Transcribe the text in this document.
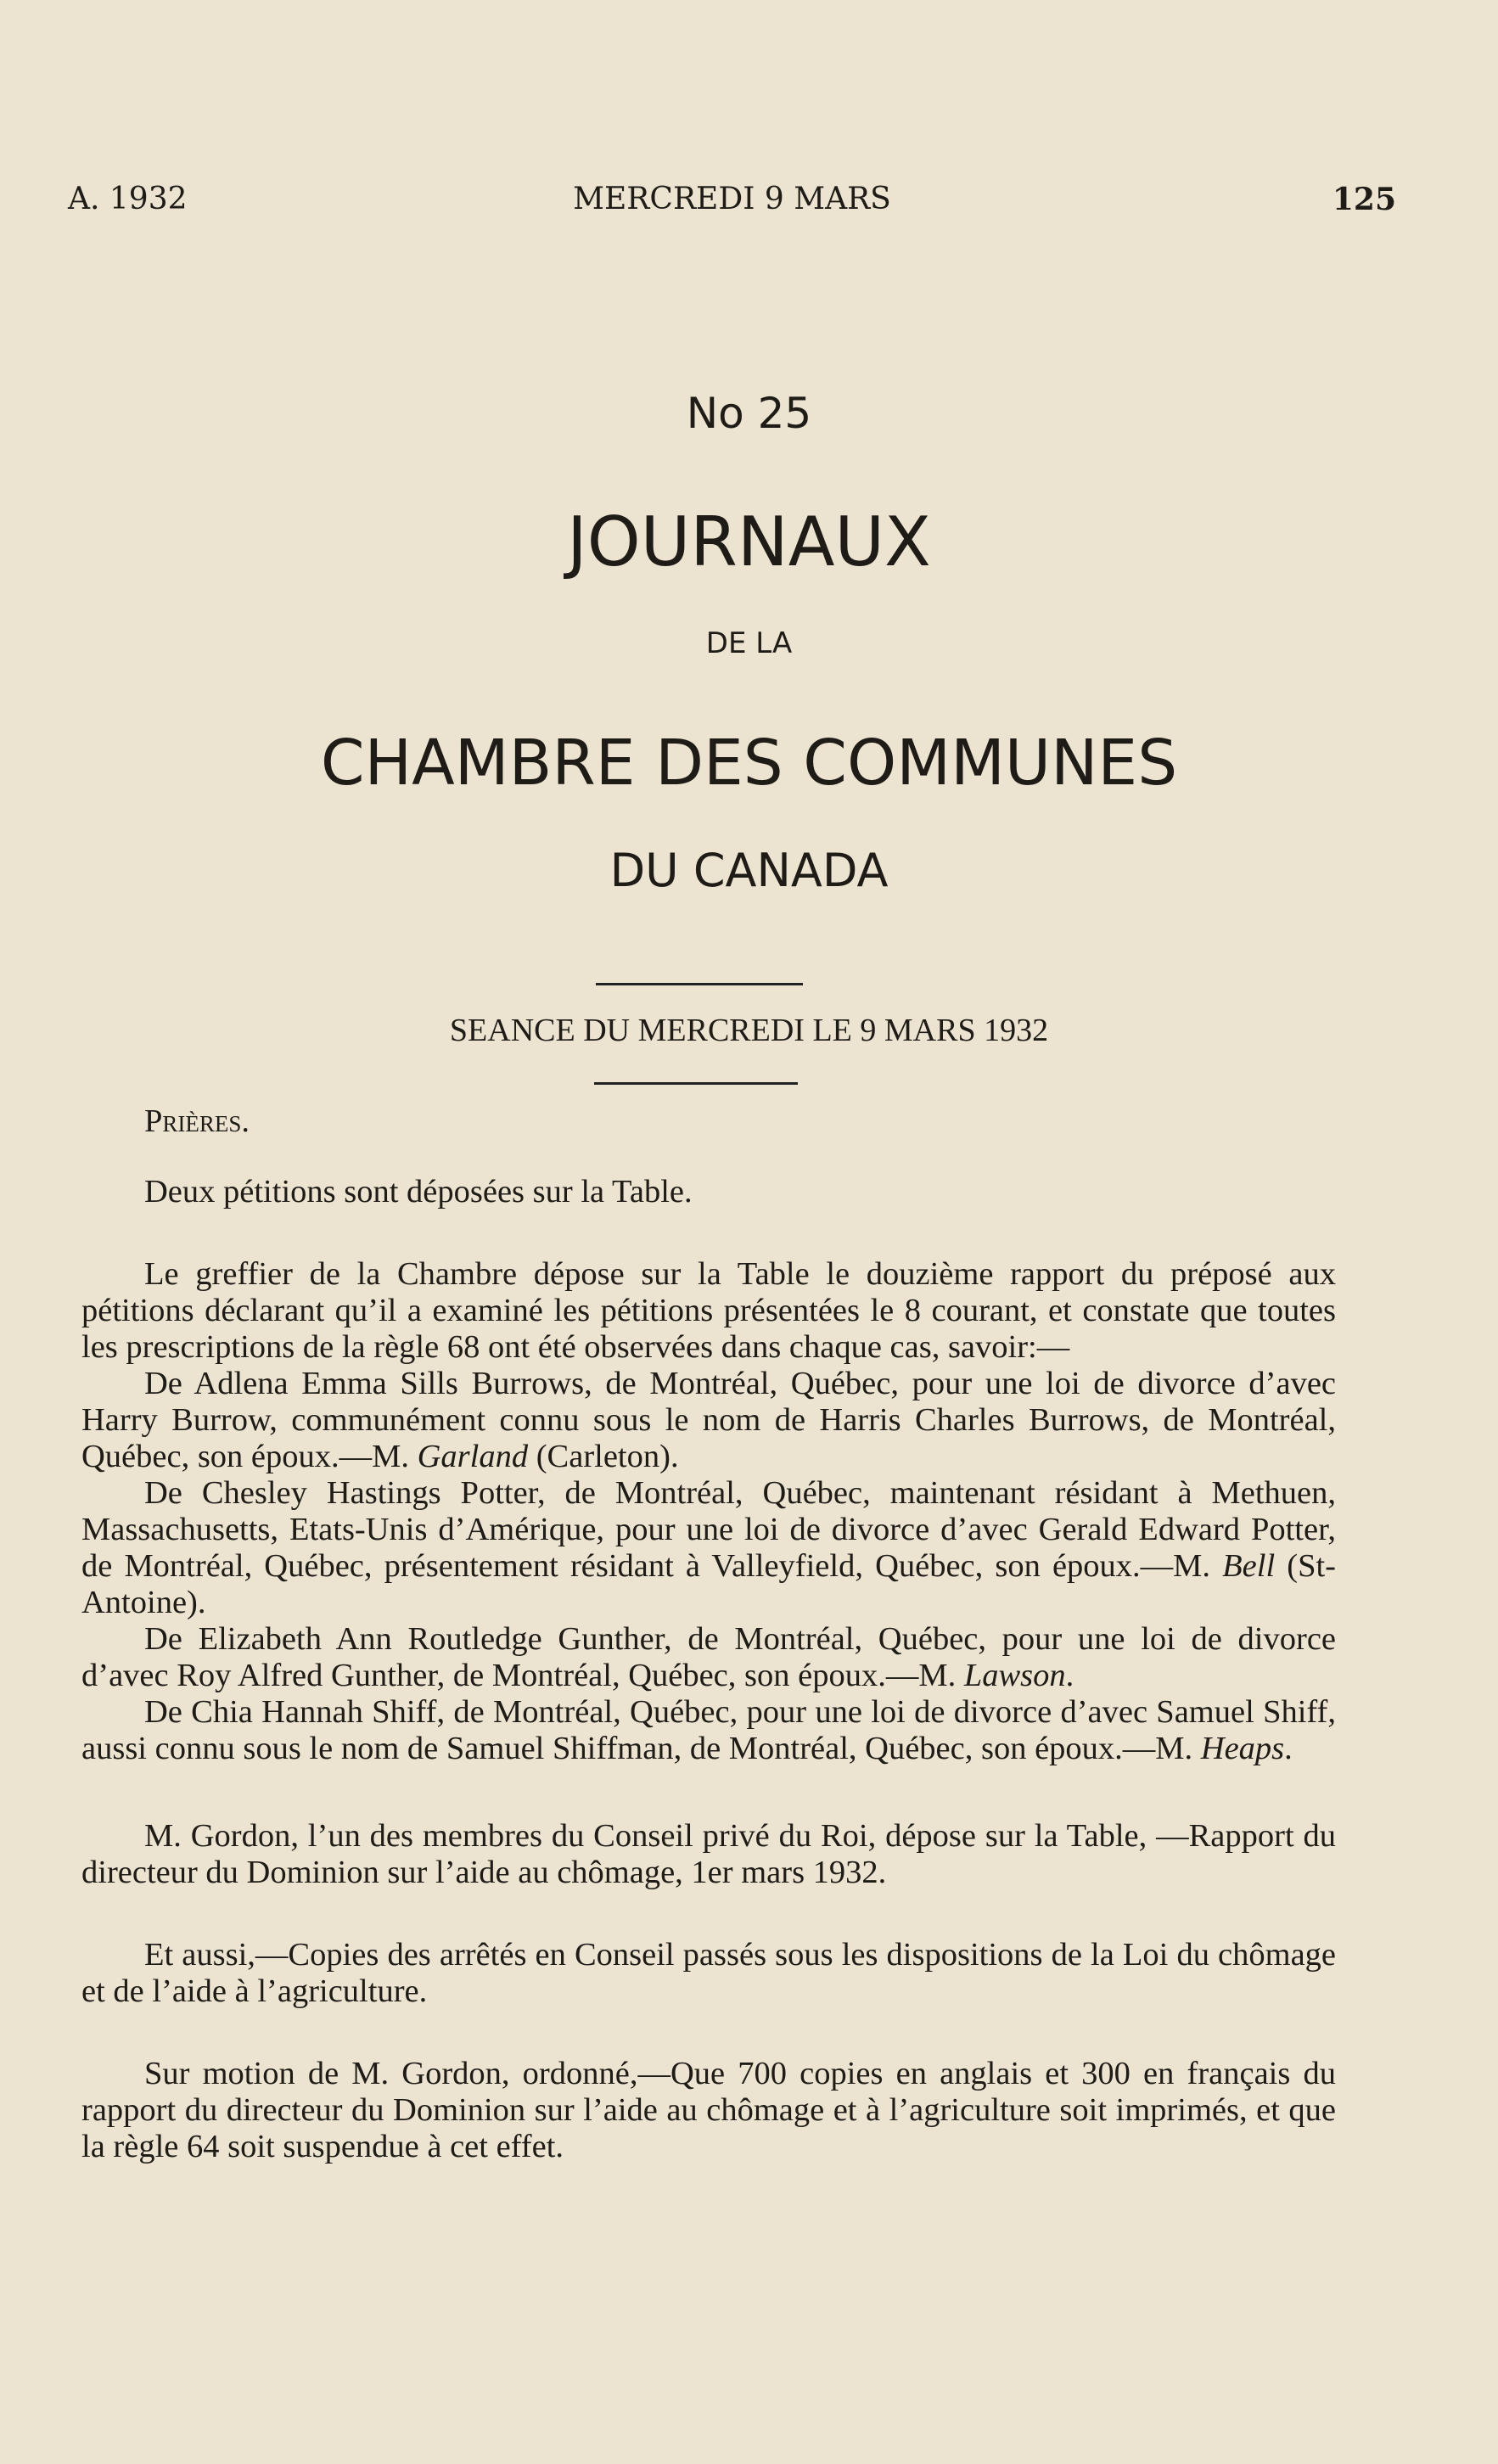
A. 1932	MERCREDI 9 MARS	125
No 25
JOURNAUX
DE LA
CHAMBRE DES COMMUNES
DU CANADA
SEANCE DU MERCREDI LE 9 MARS 1932

Prières.

Deux pétitions sont déposées sur la Table.

Le greffier de la Chambre dépose sur la Table le douzième rapport du préposé aux pétitions déclarant qu’il a examiné les pétitions présentées le 8 courant, et constate que toutes les prescriptions de la règle 68 ont été observées dans chaque cas, savoir:—

De Adlena Emma Sills Burrows, de Montréal, Québec, pour une loi de divorce d’avec Harry Burrow, communément connu sous le nom de Harris Charles Burrows, de Montréal, Québec, son époux.—M. Garland (Carleton).

De Chesley Hastings Potter, de Montréal, Québec, maintenant résidant à Methuen, Massachusetts, Etats-Unis d’Amérique, pour une loi de divorce d’avec Gerald Edward Potter, de Montréal, Québec, présentement résidant à Valleyfield, Québec, son époux.—M. Bell (St-Antoine).

De Elizabeth Ann Routledge Gunther, de Montréal, Québec, pour une loi de divorce d’avec Roy Alfred Gunther, de Montréal, Québec, son époux.—M. Lawson.

De Chia Hannah Shiff, de Montréal, Québec, pour une loi de divorce d’avec Samuel Shiff, aussi connu sous le nom de Samuel Shiffman, de Montréal, Québec, son époux.—M. Heaps.

M. Gordon, l’un des membres du Conseil privé du Roi, dépose sur la Table, —Rapport du directeur du Dominion sur l’aide au chômage, 1er mars 1932.

Et aussi,—Copies des arrêtés en Conseil passés sous les dispositions de la Loi du chômage et de l’aide à l’agriculture.

Sur motion de M. Gordon, ordonné,—Que 700 copies en anglais et 300 en français du rapport du directeur du Dominion sur l’aide au chômage et à l’agriculture soit imprimés, et que la règle 64 soit suspendue à cet effet.
